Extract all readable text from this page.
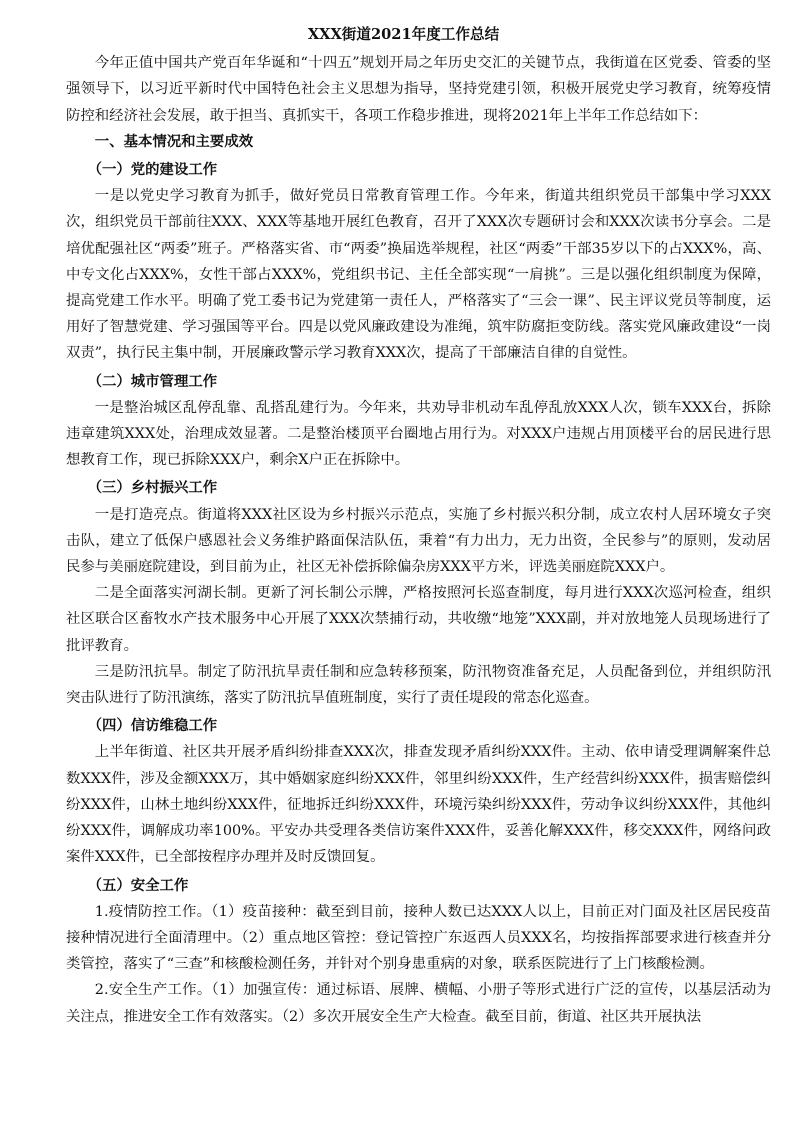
XXX街道2021年度工作总结

今年正值中国共产党百年华诞和“十四五”规划开局之年历史交汇的关键节点，我街道在区党委、管委的坚强领导下，以习近平新时代中国特色社会主义思想为指导，坚持党建引领，积极开展党史学习教育，统筹疫情防控和经济社会发展，敢于担当、真抓实干，各项工作稳步推进，现将2021年上半年工作总结如下：

一、基本情况和主要成效

（一）党的建设工作

一是以党史学习教育为抓手，做好党员日常教育管理工作。今年来，街道共组织党员干部集中学习XXX次，组织党员干部前往XXX、XXX等基地开展红色教育，召开了XXX次专题研讨会和XXX次读书分享会。二是培优配强社区“两委”班子。严格落实省、市“两委”换届选举规程，社区“两委”干部35岁以下的占XXX%，高、中专文化占XXX%，女性干部占XXX%，党组织书记、主任全部实现“一肩挑”。三是以强化组织制度为保障，提高党建工作水平。明确了党工委书记为党建第一责任人，严格落实了“三会一课”、民主评议党员等制度，运用好了智慧党建、学习强国等平台。四是以党风廉政建设为准绳，筑牢防腐拒变防线。落实党风廉政建设“一岗双责”，执行民主集中制，开展廉政警示学习教育XXX次，提高了干部廉洁自律的自觉性。

（二）城市管理工作

一是整治城区乱停乱靠、乱搭乱建行为。今年来，共劝导非机动车乱停乱放XXX人次，锁车XXX台，拆除违章建筑XXX处，治理成效显著。二是整治楼顶平台圈地占用行为。对XXX户违规占用顶楼平台的居民进行思想教育工作，现已拆除XXX户，剩余X户正在拆除中。

（三）乡村振兴工作

一是打造亮点。街道将XXX社区设为乡村振兴示范点，实施了乡村振兴积分制，成立农村人居环境女子突击队，建立了低保户感恩社会义务维护路面保洁队伍，秉着“有力出力，无力出资，全民参与”的原则，发动居民参与美丽庭院建设，到目前为止，社区无补偿拆除偏杂房XXX平方米，评选美丽庭院XXX户。

二是全面落实河湖长制。更新了河长制公示牌，严格按照河长巡查制度，每月进行XXX次巡河检查，组织社区联合区畜牧水产技术服务中心开展了XXX次禁捕行动，共收缴“地笼”XXX副，并对放地笼人员现场进行了批评教育。

三是防汛抗旱。制定了防汛抗旱责任制和应急转移预案，防汛物资准备充足，人员配备到位，并组织防汛突击队进行了防汛演练，落实了防汛抗旱值班制度，实行了责任堤段的常态化巡查。

（四）信访维稳工作

上半年街道、社区共开展矛盾纠纷排查XXX次，排查发现矛盾纠纷XXX件。主动、依申请受理调解案件总数XXX件，涉及金额XXX万，其中婚姻家庭纠纷XXX件，邻里纠纷XXX件，生产经营纠纷XXX件，损害赔偿纠纷XXX件，山林土地纠纷XXX件，征地拆迁纠纷XXX件，环境污染纠纷XXX件，劳动争议纠纷XXX件，其他纠纷XXX件，调解成功率100%。平安办共受理各类信访案件XXX件，妥善化解XXX件，移交XXX件，网络问政案件XXX件，已全部按程序办理并及时反馈回复。

（五）安全工作

1.疫情防控工作。（1）疫苗接种：截至到目前，接种人数已达XXX人以上，目前正对门面及社区居民疫苗接种情况进行全面清理中。（2）重点地区管控：登记管控广东返西人员XXX名，均按指挥部要求进行核查并分类管控，落实了“三查”和核酸检测任务，并针对个别身患重病的对象，联系医院进行了上门核酸检测。

2.安全生产工作。（1）加强宣传：通过标语、展牌、横幅、小册子等形式进行广泛的宣传，以基层活动为关注点，推进安全工作有效落实。（2）多次开展安全生产大检查。截至目前，街道、社区共开展执法
